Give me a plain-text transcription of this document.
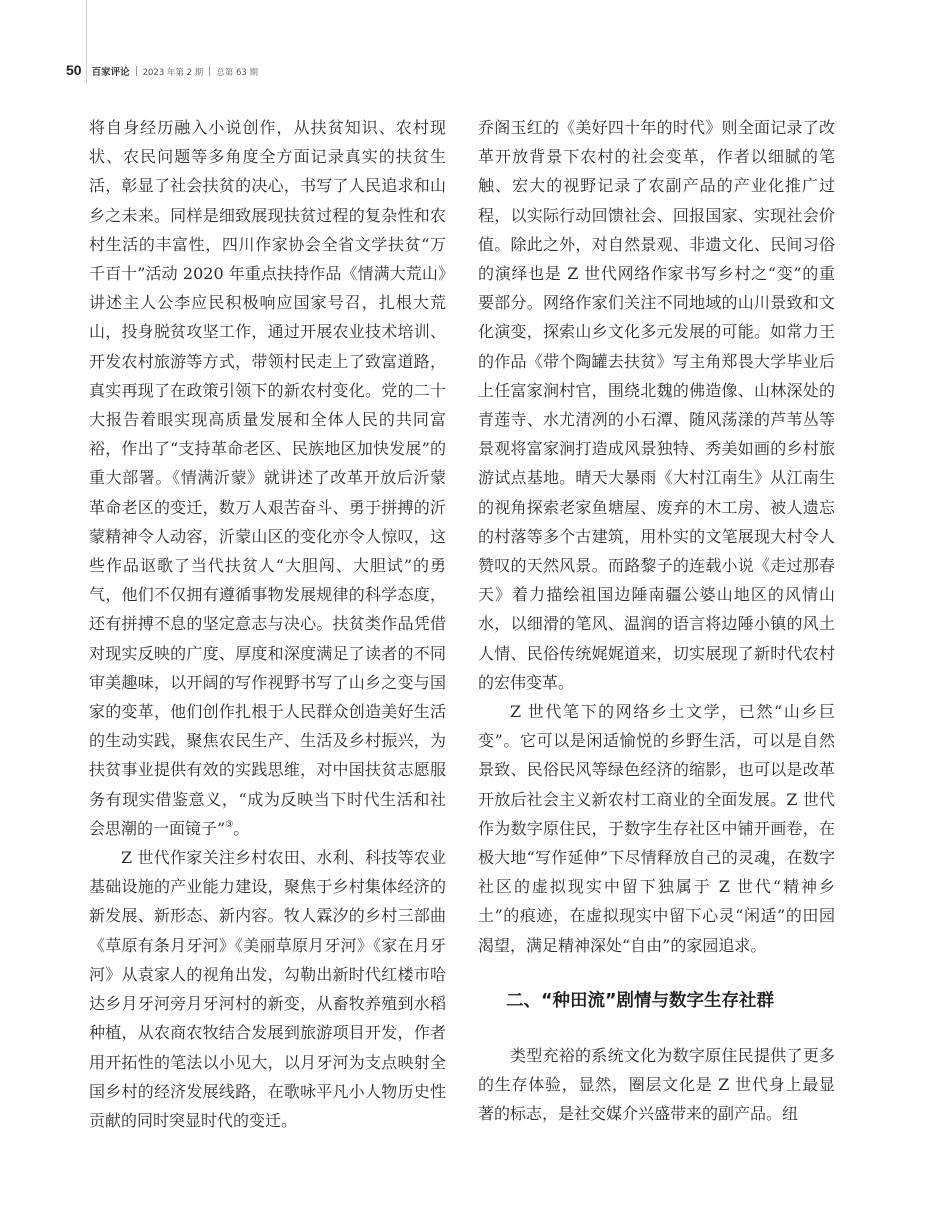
50 百家评论 2023 年第 2 期 总第 63 期

将自身经历融入小说创作，从扶贫知识、农村现状、农民问题等多角度全方面记录真实的扶贫生活，彰显了社会扶贫的决心，书写了人民追求和山乡之未来。同样是细致展现扶贫过程的复杂性和农村生活的丰富性，四川作家协会全省文学扶贫“万千百十”活动 2020 年重点扶持作品《情满大荒山》讲述主人公李应民积极响应国家号召，扎根大荒山，投身脱贫攻坚工作，通过开展农业技术培训、开发农村旅游等方式，带领村民走上了致富道路，真实再现了在政策引领下的新农村变化。党的二十大报告着眼实现高质量发展和全体人民的共同富裕，作出了“支持革命老区、民族地区加快发展”的重大部署。《情满沂蒙》就讲述了改革开放后沂蒙革命老区的变迁，数万人艰苦奋斗、勇于拼搏的沂蒙精神令人动容，沂蒙山区的变化亦令人惊叹，这些作品讴歌了当代扶贫人“大胆闯、大胆试”的勇气，他们不仅拥有遵循事物发展规律的科学态度，还有拼搏不息的坚定意志与决心。扶贫类作品凭借对现实反映的广度、厚度和深度满足了读者的不同审美趣味，以开阔的写作视野书写了山乡之变与国家的变革，他们创作扎根于人民群众创造美好生活的生动实践，聚焦农民生产、生活及乡村振兴，为扶贫事业提供有效的实践思维，对中国扶贫志愿服务有现实借鉴意义，“成为反映当下时代生活和社会思潮的一面镜子”③。

Z 世代作家关注乡村农田、水利、科技等农业基础设施的产业能力建设，聚焦于乡村集体经济的新发展、新形态、新内容。牧人霖汐的乡村三部曲《草原有条月牙河》《美丽草原月牙河》《家在月牙河》从袁家人的视角出发，勾勒出新时代红楼市哈达乡月牙河旁月牙河村的新变，从畜牧养殖到水稻种植，从农商农牧结合发展到旅游项目开发，作者用开拓性的笔法以小见大，以月牙河为支点映射全国乡村的经济发展线路，在歌咏平凡小人物历史性贡献的同时突显时代的变迁。

乔阁玉红的《美好四十年的时代》则全面记录了改革开放背景下农村的社会变革，作者以细腻的笔触、宏大的视野记录了农副产品的产业化推广过程，以实际行动回馈社会、回报国家、实现社会价值。除此之外，对自然景观、非遗文化、民间习俗的演绎也是 Z 世代网络作家书写乡村之“变”的重要部分。网络作家们关注不同地域的山川景致和文化演变，探索山乡文化多元发展的可能。如常力王的作品《带个陶罐去扶贫》写主角郑畏大学毕业后上任富家涧村官，围绕北魏的佛造像、山林深处的青莲寺、水尤清冽的小石潭、随风荡漾的芦苇丛等景观将富家涧打造成风景独特、秀美如画的乡村旅游试点基地。晴天大暴雨《大村江南生》从江南生的视角探索老家鱼塘屋、废弃的木工房、被人遗忘的村落等多个古建筑，用朴实的文笔展现大村令人赞叹的天然风景。而路黎子的连载小说《走过那春天》着力描绘祖国边陲南疆公婆山地区的风情山水，以细滑的笔风、温润的语言将边陲小镇的风土人情、民俗传统娓娓道来，切实展现了新时代农村的宏伟变革。

Z 世代笔下的网络乡土文学，已然“山乡巨变”。它可以是闲适愉悦的乡野生活，可以是自然景致、民俗民风等绿色经济的缩影，也可以是改革开放后社会主义新农村工商业的全面发展。Z 世代作为数字原住民，于数字生存社区中铺开画卷，在极大地“写作延伸”下尽情释放自己的灵魂，在数字社区的虚拟现实中留下独属于 Z 世代“精神乡土”的痕迹，在虚拟现实中留下心灵“闲适”的田园渴望，满足精神深处“自由”的家园追求。

二、“种田流”剧情与数字生存社群

类型充裕的系统文化为数字原住民提供了更多的生存体验，显然，圈层文化是 Z 世代身上最显著的标志，是社交媒介兴盛带来的副产品。纽
